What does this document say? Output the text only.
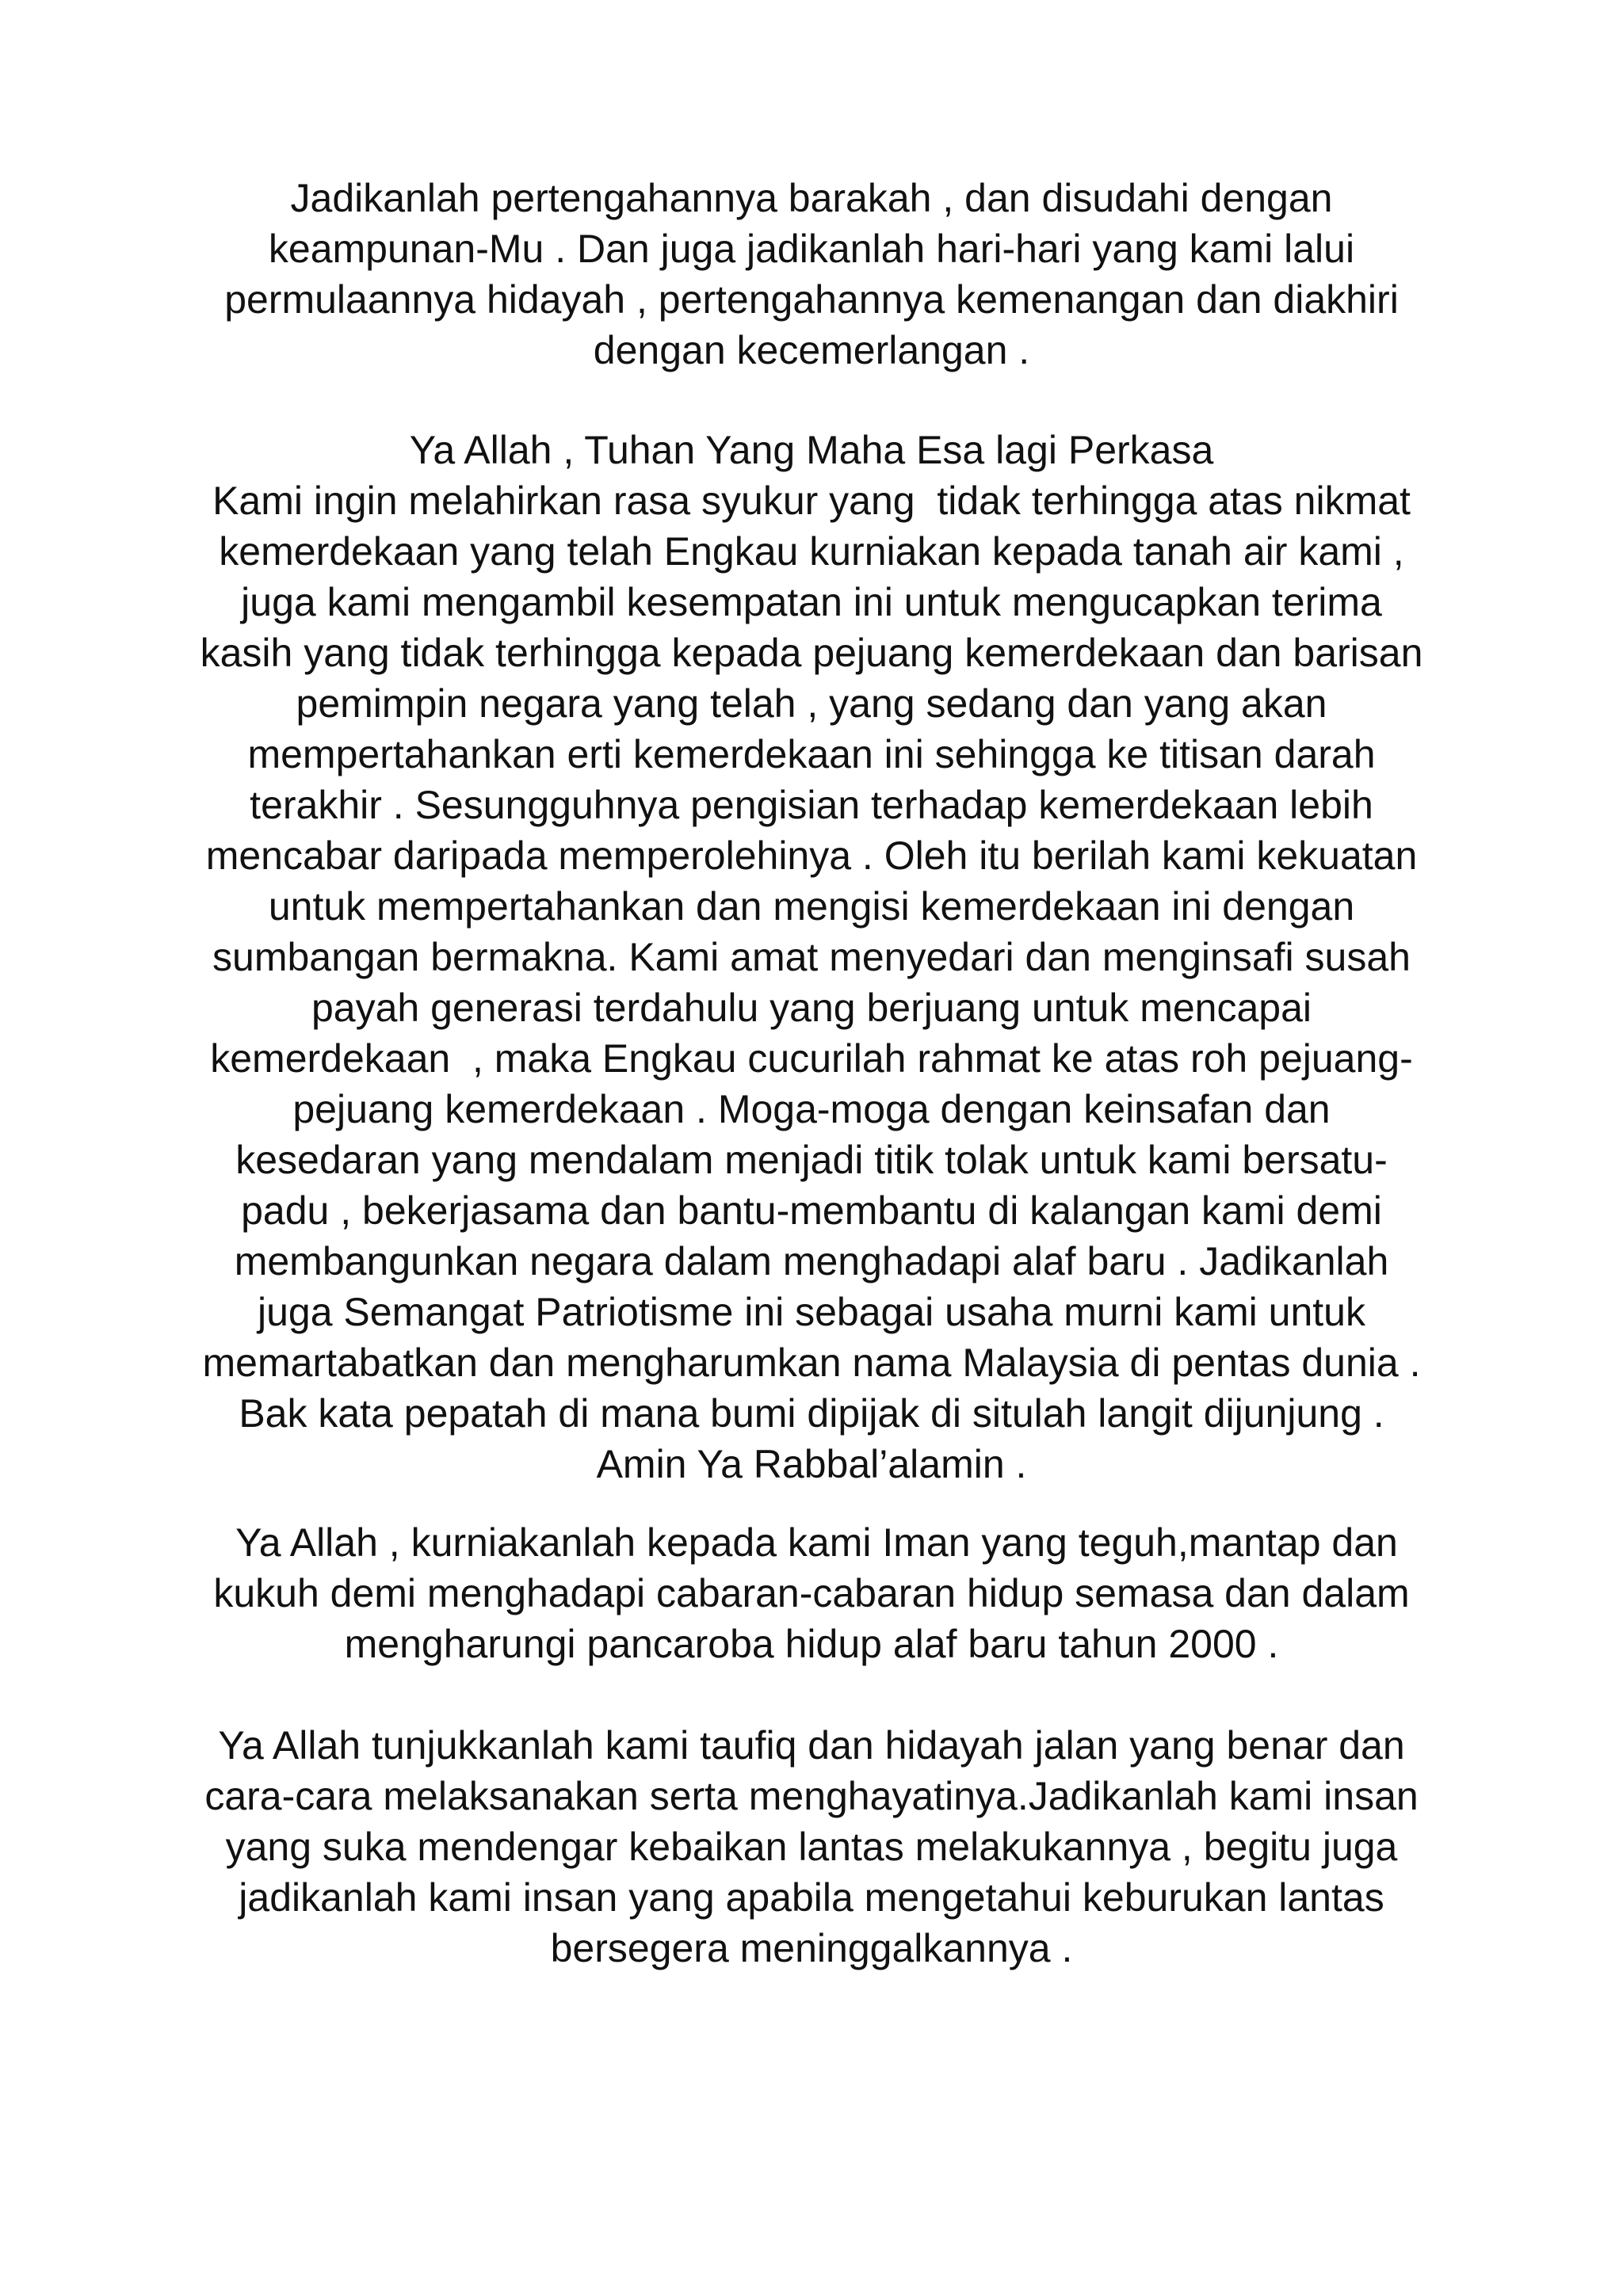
Jadikanlah pertengahannya barakah , dan disudahi dengan
keampunan-Mu . Dan juga jadikanlah hari-hari yang kami lalui
permulaannya hidayah , pertengahannya kemenangan dan diakhiri
dengan kecemerlangan .
Ya Allah , Tuhan Yang Maha Esa lagi Perkasa
Kami ingin melahirkan rasa syukur yang  tidak terhingga atas nikmat
kemerdekaan yang telah Engkau kurniakan kepada tanah air kami ,
juga kami mengambil kesempatan ini untuk mengucapkan terima
kasih yang tidak terhingga kepada pejuang kemerdekaan dan barisan
pemimpin negara yang telah , yang sedang dan yang akan
mempertahankan erti kemerdekaan ini sehingga ke titisan darah
terakhir . Sesungguhnya pengisian terhadap kemerdekaan lebih
mencabar daripada memperolehinya . Oleh itu berilah kami kekuatan
untuk mempertahankan dan mengisi kemerdekaan ini dengan
sumbangan bermakna. Kami amat menyedari dan menginsafi susah
payah generasi terdahulu yang berjuang untuk mencapai
kemerdekaan  , maka Engkau cucurilah rahmat ke atas roh pejuang-
pejuang kemerdekaan . Moga-moga dengan keinsafan dan
kesedaran yang mendalam menjadi titik tolak untuk kami bersatu-
padu , bekerjasama dan bantu-membantu di kalangan kami demi
membangunkan negara dalam menghadapi alaf baru . Jadikanlah
juga Semangat Patriotisme ini sebagai usaha murni kami untuk
memartabatkan dan mengharumkan nama Malaysia di pentas dunia .
Bak kata pepatah di mana bumi dipijak di situlah langit dijunjung .
Amin Ya Rabbal’alamin .
Ya Allah , kurniakanlah kepada kami Iman yang teguh,mantap dan
kukuh demi menghadapi cabaran-cabaran hidup semasa dan dalam
mengharungi pancaroba hidup alaf baru tahun 2000 .
Ya Allah tunjukkanlah kami taufiq dan hidayah jalan yang benar dan
cara-cara melaksanakan serta menghayatinya.Jadikanlah kami insan
yang suka mendengar kebaikan lantas melakukannya , begitu juga
jadikanlah kami insan yang apabila mengetahui keburukan lantas
bersegera meninggalkannya .
